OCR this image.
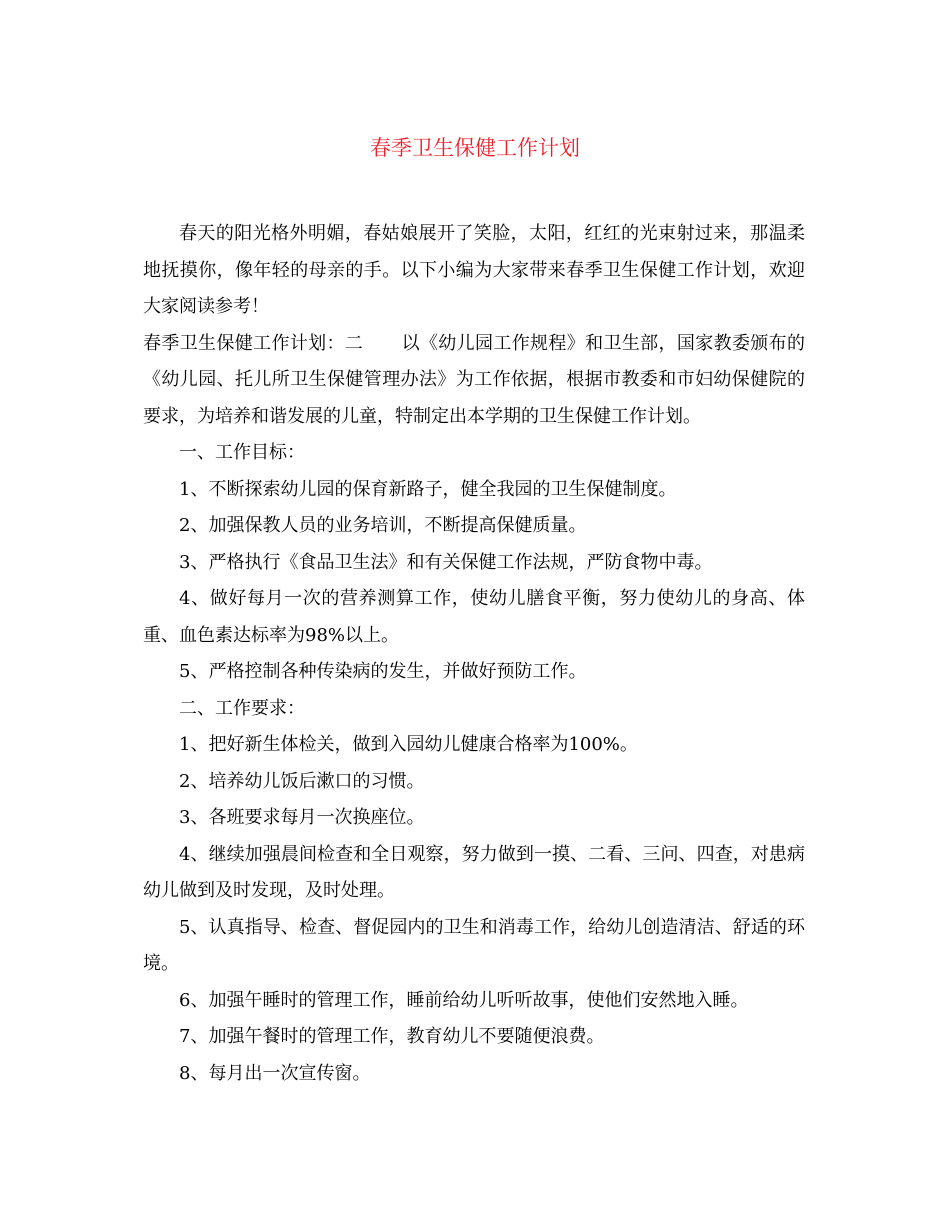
春季卫生保健工作计划

春天的阳光格外明媚，春姑娘展开了笑脸，太阳，红红的光束射过来，那温柔地抚摸你，像年轻的母亲的手。以下小编为大家带来春季卫生保健工作计划，欢迎大家阅读参考！

春季卫生保健工作计划：二 以《幼儿园工作规程》和卫生部，国家教委颁布的《幼儿园、托儿所卫生保健管理办法》为工作依据，根据市教委和市妇幼保健院的要求，为培养和谐发展的儿童，特制定出本学期的卫生保健工作计划。

一、工作目标：

1、不断探索幼儿园的保育新路子，健全我园的卫生保健制度。

2、加强保教人员的业务培训，不断提高保健质量。

3、严格执行《食品卫生法》和有关保健工作法规，严防食物中毒。

4、做好每月一次的营养测算工作，使幼儿膳食平衡，努力使幼儿的身高、体重、血色素达标率为98%以上。

5、严格控制各种传染病的发生，并做好预防工作。

二、工作要求：

1、把好新生体检关，做到入园幼儿健康合格率为100%。

2、培养幼儿饭后漱口的习惯。

3、各班要求每月一次换座位。

4、继续加强晨间检查和全日观察，努力做到一摸、二看、三问、四查，对患病幼儿做到及时发现，及时处理。

5、认真指导、检查、督促园内的卫生和消毒工作，给幼儿创造清洁、舒适的环境。

6、加强午睡时的管理工作，睡前给幼儿听听故事，使他们安然地入睡。

7、加强午餐时的管理工作，教育幼儿不要随便浪费。

8、每月出一次宣传窗。
